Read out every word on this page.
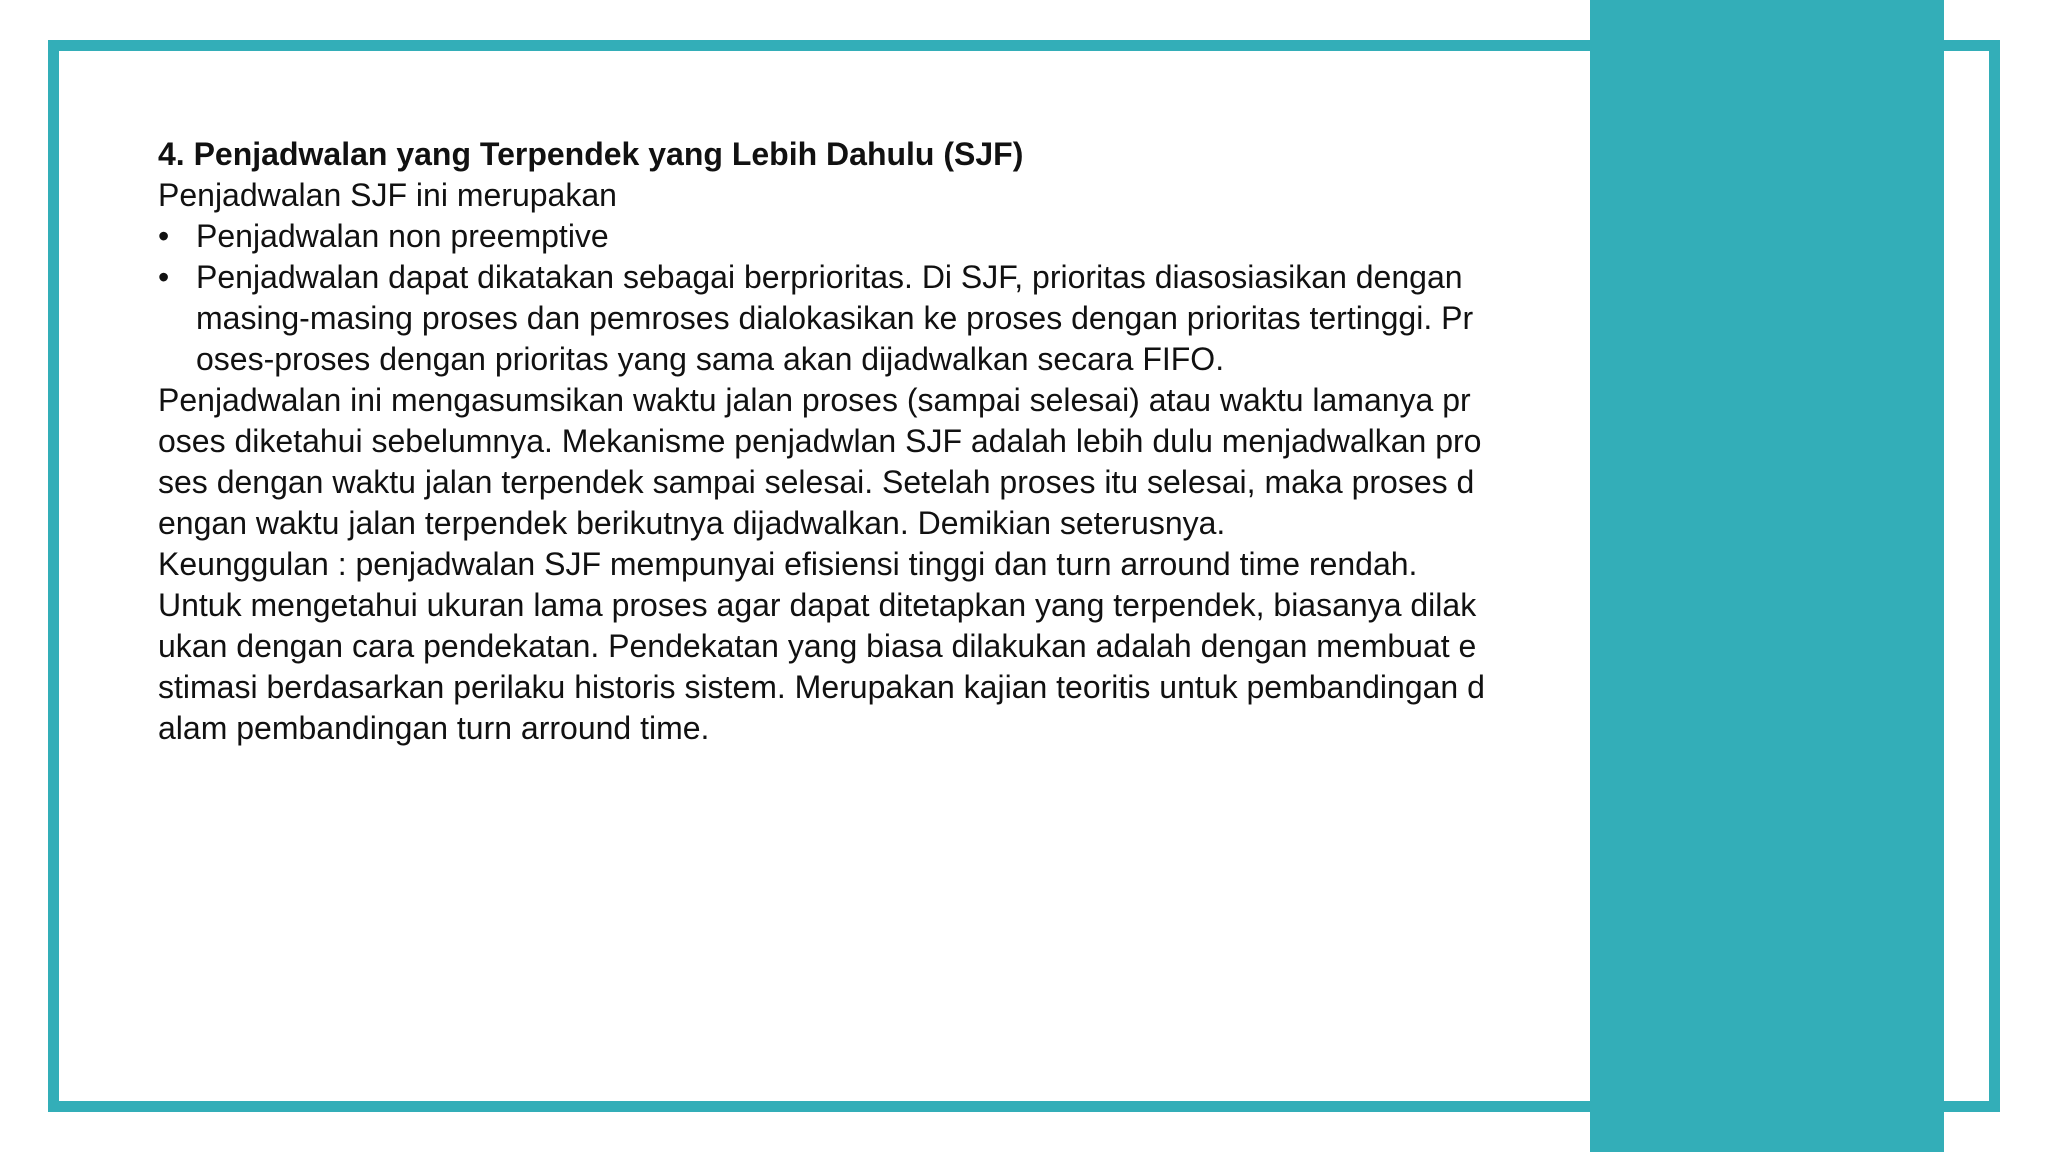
4. Penjadwalan yang Terpendek yang Lebih Dahulu (SJF)

Penjadwalan SJF ini merupakan

• Penjadwalan non preemptive

• Penjadwalan dapat dikatakan sebagai berprioritas. Di SJF, prioritas diasosiasikan dengan

masing-masing proses dan pemroses dialokasikan ke proses dengan prioritas tertinggi. Pr

oses-proses dengan prioritas yang sama akan dijadwalkan secara FIFO.

Penjadwalan ini mengasumsikan waktu jalan proses (sampai selesai) atau waktu lamanya pr

oses diketahui sebelumnya. Mekanisme penjadwlan SJF adalah lebih dulu menjadwalkan pro

ses dengan waktu jalan terpendek sampai selesai. Setelah proses itu selesai, maka proses d

engan waktu jalan terpendek berikutnya dijadwalkan. Demikian seterusnya.

Keunggulan : penjadwalan SJF mempunyai efisiensi tinggi dan turn arround time rendah.

Untuk mengetahui ukuran lama proses agar dapat ditetapkan yang terpendek, biasanya dilak

ukan dengan cara pendekatan. Pendekatan yang biasa dilakukan adalah dengan membuat e

stimasi berdasarkan perilaku historis sistem. Merupakan kajian teoritis untuk pembandingan d

alam pembandingan turn arround time.
